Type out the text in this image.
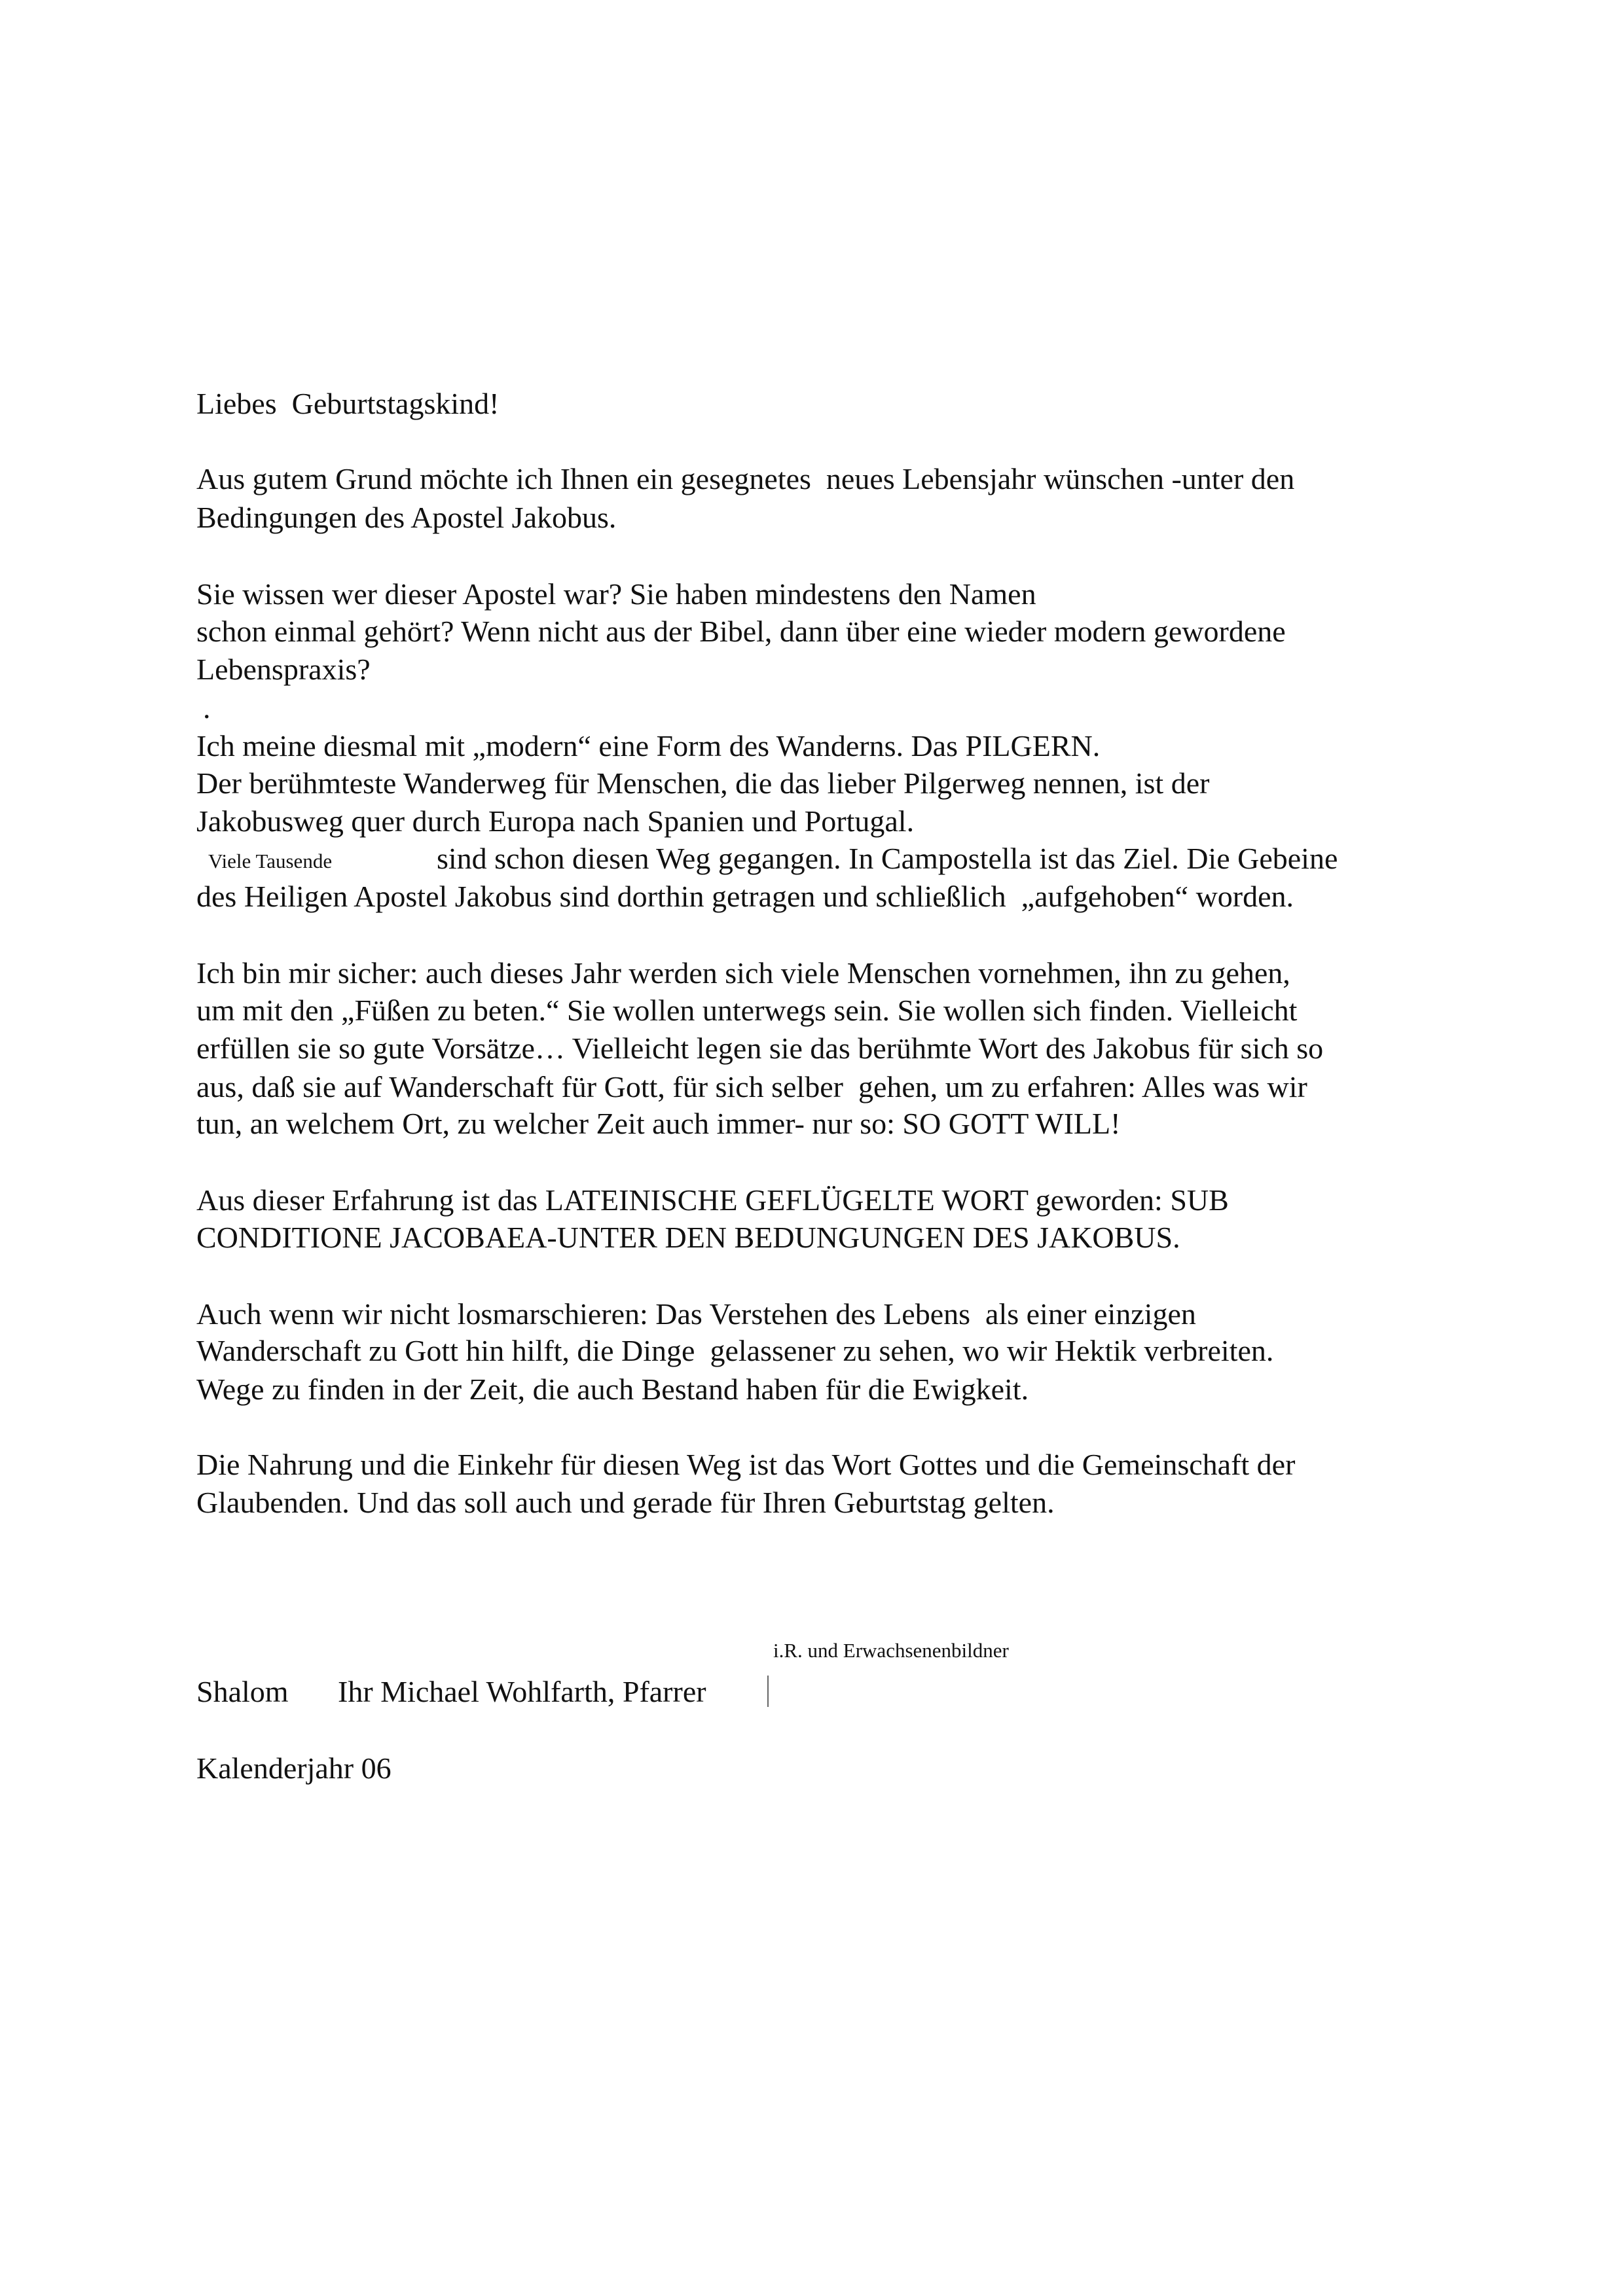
Liebes  Geburtstagskind!
Aus gutem Grund möchte ich Ihnen ein gesegnetes  neues Lebensjahr wünschen -unter den
Bedingungen des Apostel Jakobus.
Sie wissen wer dieser Apostel war? Sie haben mindestens den Namen
schon einmal gehört? Wenn nicht aus der Bibel, dann über eine wieder modern gewordene
Lebenspraxis?
.
Ich meine diesmal mit „modern“ eine Form des Wanderns. Das PILGERN.
Der berühmteste Wanderweg für Menschen, die das lieber Pilgerweg nennen, ist der
Jakobusweg quer durch Europa nach Spanien und Portugal.
Viele Tausende	sind schon diesen Weg gegangen. In Campostella ist das Ziel. Die Gebeine
des Heiligen Apostel Jakobus sind dorthin getragen und schließlich  „aufgehoben“ worden.
Ich bin mir sicher: auch dieses Jahr werden sich viele Menschen vornehmen, ihn zu gehen,
um mit den „Füßen zu beten.“ Sie wollen unterwegs sein. Sie wollen sich finden. Vielleicht
erfüllen sie so gute Vorsätze… Vielleicht legen sie das berühmte Wort des Jakobus für sich so
aus, daß sie auf Wanderschaft für Gott, für sich selber  gehen, um zu erfahren: Alles was wir
tun, an welchem Ort, zu welcher Zeit auch immer- nur so: SO GOTT WILL!
Aus dieser Erfahrung ist das LATEINISCHE GEFLÜGELTE WORT geworden: SUB
CONDITIONE JACOBAEA-UNTER DEN BEDUNGUNGEN DES JAKOBUS.
Auch wenn wir nicht losmarschieren: Das Verstehen des Lebens  als einer einzigen
Wanderschaft zu Gott hin hilft, die Dinge  gelassener zu sehen, wo wir Hektik verbreiten.
Wege zu finden in der Zeit, die auch Bestand haben für die Ewigkeit.
Die Nahrung und die Einkehr für diesen Weg ist das Wort Gottes und die Gemeinschaft der
Glaubenden. Und das soll auch und gerade für Ihren Geburtstag gelten.
i.R. und Erwachsenenbildner
Shalom Ihr Michael Wohlfarth, Pfarrer
Kalenderjahr 06
